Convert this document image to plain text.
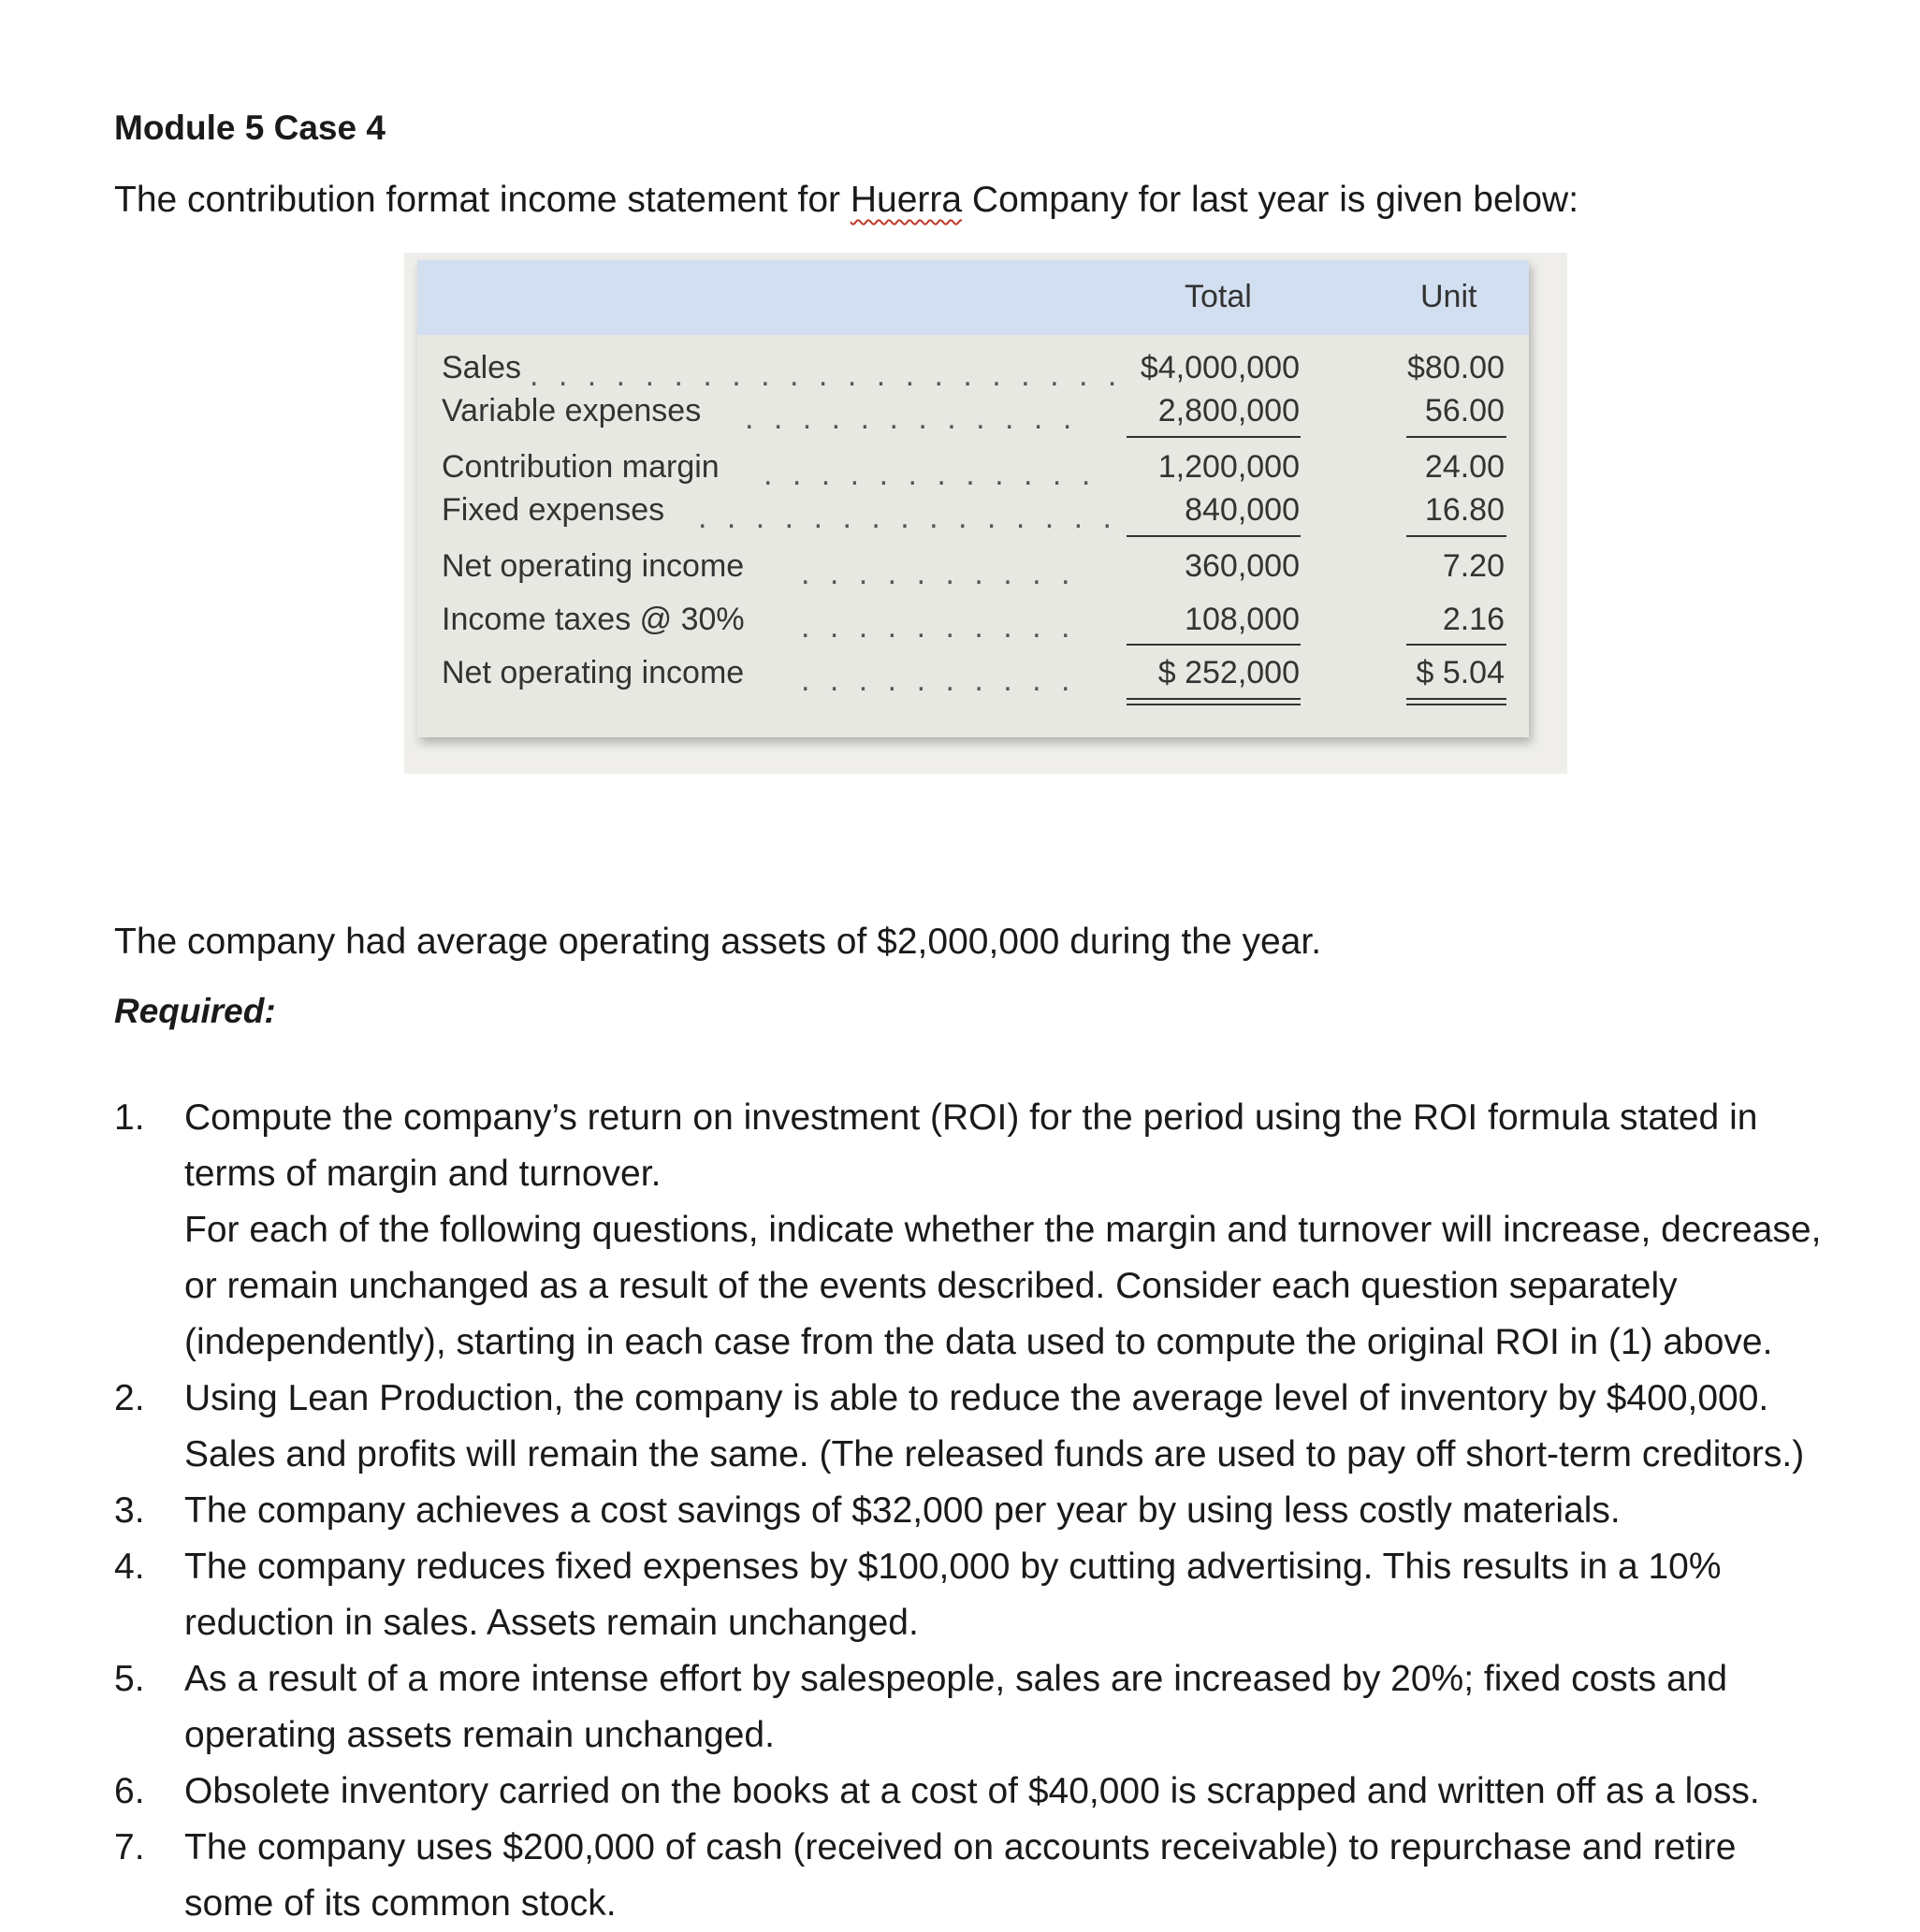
Module 5 Case 4

The contribution format income statement for Huerra Company for last year is given below:

Total	Unit
Sales . . . . . . . . . . . . . . . . . . . . . $4,000,000	$80.00
Variable expenses . . . . . . . . . . . .	2,800,000	56.00
Contribution margin . . . . . . . . . . . . 1,200,000	24.00
Fixed expenses . . . . . . . . . . . . . . . 840,000	16.80
Net operating income . . . . . . . . . .	360,000	7.20
Income taxes @ 30% . . . . . . . . . .	108,000	2.16
Net operating income . . . . . . . . . .	$ 252,000	$ 5.04

The company had average operating assets of $2,000,000 during the year.

Required:

1. Compute the company’s return on investment (ROI) for the period using the ROI formula stated in
terms of margin and turnover.
For each of the following questions, indicate whether the margin and turnover will increase, decrease,
or remain unchanged as a result of the events described. Consider each question separately
(independently), starting in each case from the data used to compute the original ROI in (1) above.
2. Using Lean Production, the company is able to reduce the average level of inventory by $400,000.
Sales and profits will remain the same. (The released funds are used to pay off short-term creditors.)
3. The company achieves a cost savings of $32,000 per year by using less costly materials.
4. The company reduces fixed expenses by $100,000 by cutting advertising. This results in a 10%
reduction in sales. Assets remain unchanged.
5. As a result of a more intense effort by salespeople, sales are increased by 20%; fixed costs and
operating assets remain unchanged.
6. Obsolete inventory carried on the books at a cost of $40,000 is scrapped and written off as a loss.
7. The company uses $200,000 of cash (received on accounts receivable) to repurchase and retire
some of its common stock.
